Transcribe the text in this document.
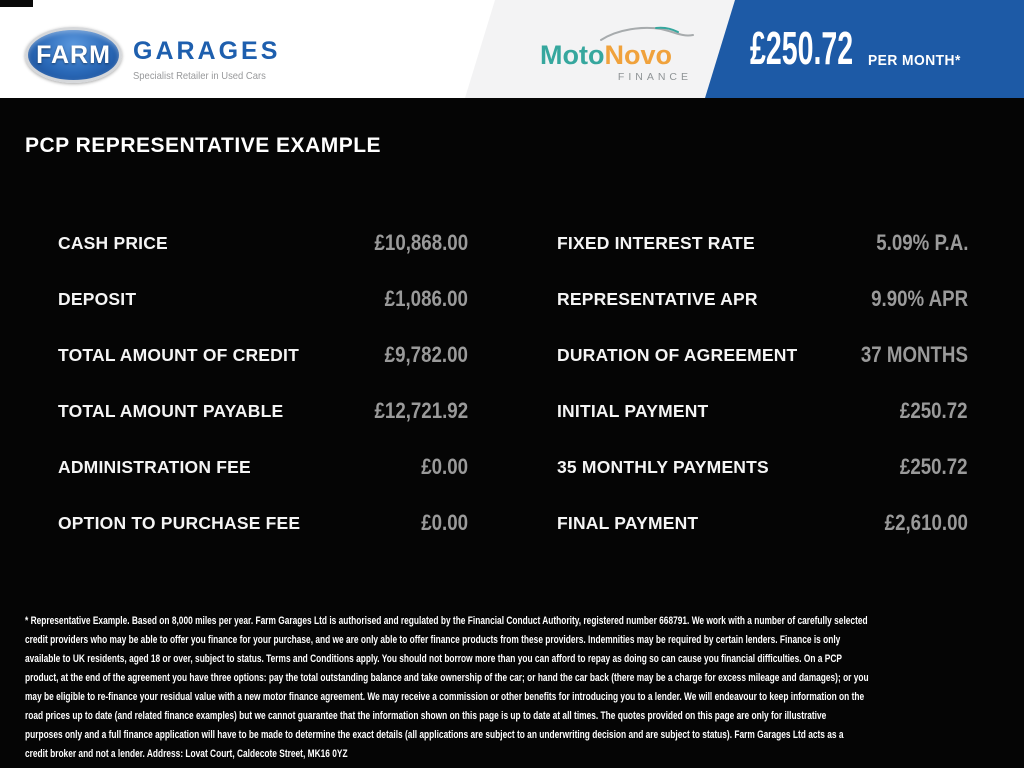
FARM GARAGES
Specialist Retailer in Used Cars
MotoNovo
FINANCE
£250.72 PER MONTH*
PCP REPRESENTATIVE EXAMPLE
CASH PRICE	£10,868.00	FIXED INTEREST RATE	5.09% P.A.
DEPOSIT	£1,086.00	REPRESENTATIVE APR	9.90% APR
TOTAL AMOUNT OF CREDIT	£9,782.00	DURATION OF AGREEMENT	37 MONTHS
TOTAL AMOUNT PAYABLE	£12,721.92	INITIAL PAYMENT	£250.72
ADMINISTRATION FEE	£0.00	35 MONTHLY PAYMENTS	£250.72
OPTION TO PURCHASE FEE	£0.00	FINAL PAYMENT	£2,610.00
* Representative Example. Based on 8,000 miles per year. Farm Garages Ltd is authorised and regulated by the Financial Conduct Authority, registered number 668791. We work with a number of carefully selected
credit providers who may be able to offer you finance for your purchase, and we are only able to offer finance products from these providers. Indemnities may be required by certain lenders. Finance is only
available to UK residents, aged 18 or over, subject to status. Terms and Conditions apply. You should not borrow more than you can afford to repay as doing so can cause you financial difficulties. On a PCP
product, at the end of the agreement you have three options: pay the total outstanding balance and take ownership of the car; or hand the car back (there may be a charge for excess mileage and damages); or you
may be eligible to re-finance your residual value with a new motor finance agreement. We may receive a commission or other benefits for introducing you to a lender. We will endeavour to keep information on the
road prices up to date (and related finance examples) but we cannot guarantee that the information shown on this page is up to date at all times. The quotes provided on this page are only for illustrative
purposes only and a full finance application will have to be made to determine the exact details (all applications are subject to an underwriting decision and are subject to status). Farm Garages Ltd acts as a
credit broker and not a lender. Address: Lovat Court, Caldecote Street, MK16 0YZ
